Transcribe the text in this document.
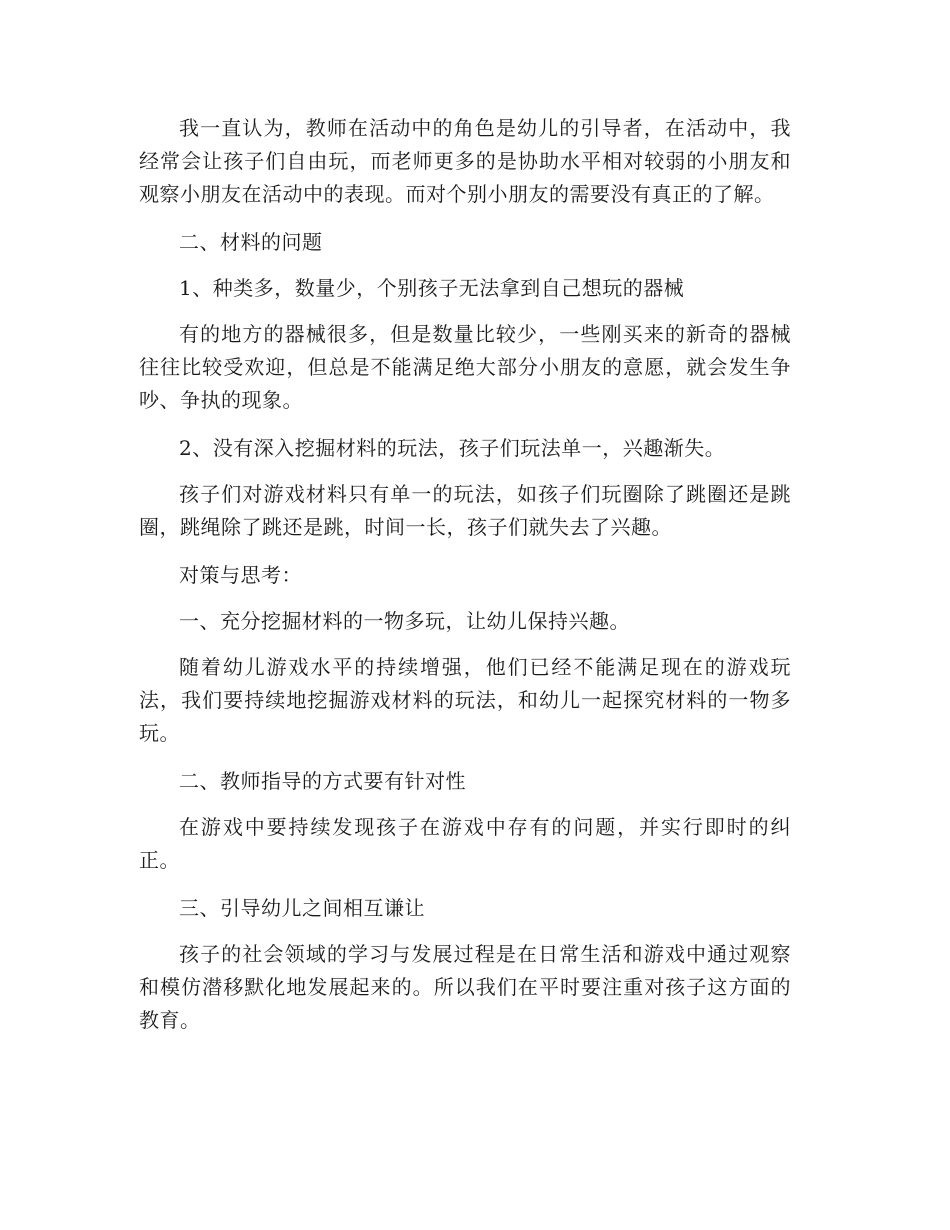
我一直认为，教师在活动中的角色是幼儿的引导者，在活动中，我经常会让孩子们自由玩，而老师更多的是协助水平相对较弱的小朋友和观察小朋友在活动中的表现。而对个别小朋友的需要没有真正的了解。

二、材料的问题

1、种类多，数量少，个别孩子无法拿到自己想玩的器械

有的地方的器械很多，但是数量比较少，一些刚买来的新奇的器械往往比较受欢迎，但总是不能满足绝大部分小朋友的意愿，就会发生争吵、争执的现象。

2、没有深入挖掘材料的玩法，孩子们玩法单一，兴趣渐失。

孩子们对游戏材料只有单一的玩法，如孩子们玩圈除了跳圈还是跳圈，跳绳除了跳还是跳，时间一长，孩子们就失去了兴趣。

对策与思考：

一、充分挖掘材料的一物多玩，让幼儿保持兴趣。

随着幼儿游戏水平的持续增强，他们已经不能满足现在的游戏玩法，我们要持续地挖掘游戏材料的玩法，和幼儿一起探究材料的一物多玩。

二、教师指导的方式要有针对性

在游戏中要持续发现孩子在游戏中存有的问题，并实行即时的纠正。

三、引导幼儿之间相互谦让

孩子的社会领域的学习与发展过程是在日常生活和游戏中通过观察和模仿潜移默化地发展起来的。所以我们在平时要注重对孩子这方面的教育。
